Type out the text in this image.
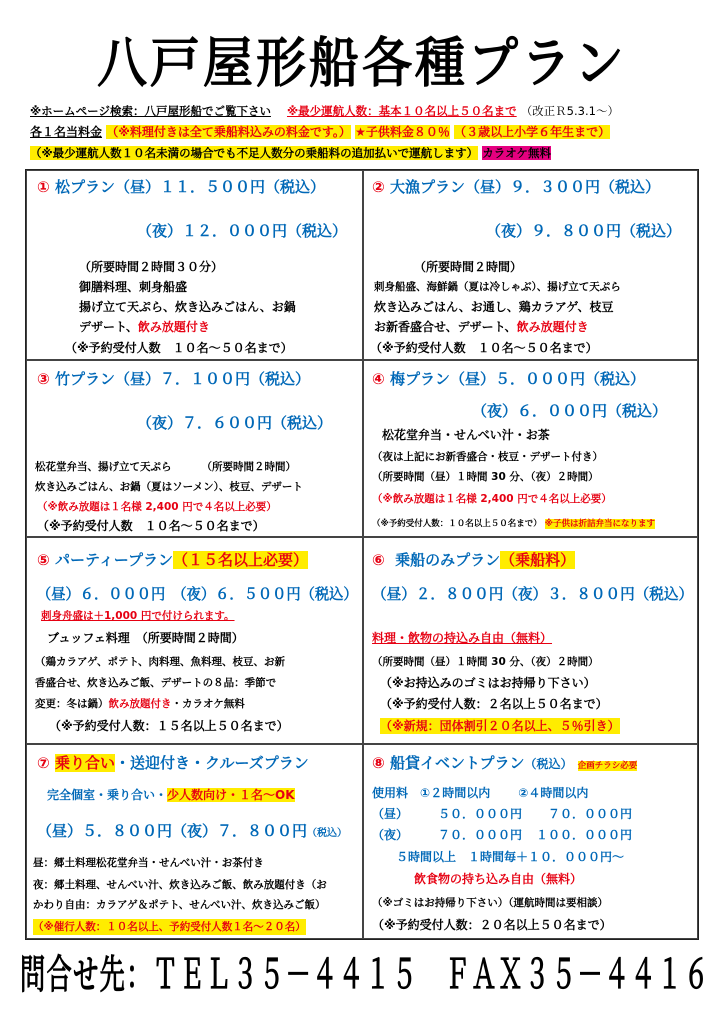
八戸屋形船各種プラン
※ホームページ検索：八戸屋形船でご覧下さい ※最少運航人数：基本１０名以上５０名まで （改正Ｒ5.3.1～）
各１名当料金 （※料理付きは全て乗船料込みの料金です。） ★子供料金８０％ （３歳以上小学６年生まで）
（※最少運航人数１０名未満の場合でも不足人数分の乗船料の追加払いで運航します） カラオケ無料
① 松プラン（昼）１１．５００円（税込）
（夜）１２．０００円（税込）
（所要時間２時間３０分）
御膳料理、刺身船盛
揚げ立て天ぷら、炊き込みごはん、お鍋
デザート、飲み放題付き
（※予約受付人数　１０名～５０名まで）
② 大漁プラン（昼）９．３００円（税込）
（夜）９．８００円（税込）
（所要時間２時間）
刺身船盛、海鮮鍋（夏は冷しゃぶ）、揚げ立て天ぷら
炊き込みごはん、お通し、鶏カラアゲ、枝豆
お新香盛合せ、デザート、飲み放題付き
（※予約受付人数　１０名～５０名まで）
③ 竹プラン（昼）７．１００円（税込）
（夜）７．６００円（税込）
松花堂弁当、揚げ立て天ぷら	（所要時間２時間）
炊き込みごはん、お鍋（夏はソーメン）、枝豆、デザート
（※飲み放題は１名様 2,400 円で４名以上必要）
（※予約受付人数　１０名～５０名まで）
④ 梅プラン（昼）５．０００円（税込）
（夜）６．０００円（税込）
松花堂弁当・せんべい汁・お茶
（夜は上記にお新香盛合・枝豆・デザート付き）
（所要時間（昼）１時間 30 分、（夜）２時間）
（※飲み放題は１名様 2,400 円で４名以上必要）
（※予約受付人数：１０名以上５０名まで） ※子供は折詰弁当になります
⑤ パーティープラン（１５名以上必要）
（昼）６．０００円　（夜）６．５００円（税込）
刺身舟盛は＋1,000 円で付けられます。
ブュッフェ料理　（所要時間２時間）
（鶏カラアゲ、ポテト、肉料理、魚料理、枝豆、お新
香盛合せ、炊き込みご飯、デザートの８品：季節で
変更：冬は鍋）飲み放題付き・カラオケ無料
（※予約受付人数：１５名以上５０名まで）
⑥ 乗船のみプラン（乗船料）
（昼）２．８００円（夜）３．８００円（税込）
料理・飲物の持込み自由（無料）
（所要時間（昼）１時間 30 分、（夜）２時間）
（※お持込みのゴミはお持帰り下さい）
（※予約受付人数：２名以上５０名まで）
（※新規：団体割引２０名以上、５％引き）
⑦ 乗り合い・送迎付き・クルーズプラン
完全個室・乗り合い・少人数向け・１名～OK
（昼）５．８００円（夜）７．８００円（税込）
昼：郷土料理松花堂弁当・せんべい汁・お茶付き
夜：郷土料理、せんべい汁、炊き込みご飯、飲み放題付き（お
かわり自由：カラアゲ＆ポテト、せんべい汁、炊き込みご飯）
（※催行人数：１０名以上、予約受付人数１名～２０名）
⑧ 船貸イベントプラン（税込） 企画チラシ必要
使用料　 ①２時間以内 ②４時間以内
（昼）	５０．０００円 ７０．０００円
（夜）	７０．０００円 １００．０００円
５時間以上　１時間毎＋１０．０００円～
飲食物の持ち込み自由（無料）
（※ゴミはお持帰り下さい）（運航時間は要相談）
（※予約受付人数：２０名以上５０名まで）
問合せ先：ＴＥＬ３５－４４１５　ＦＡＸ３５－４４１６
